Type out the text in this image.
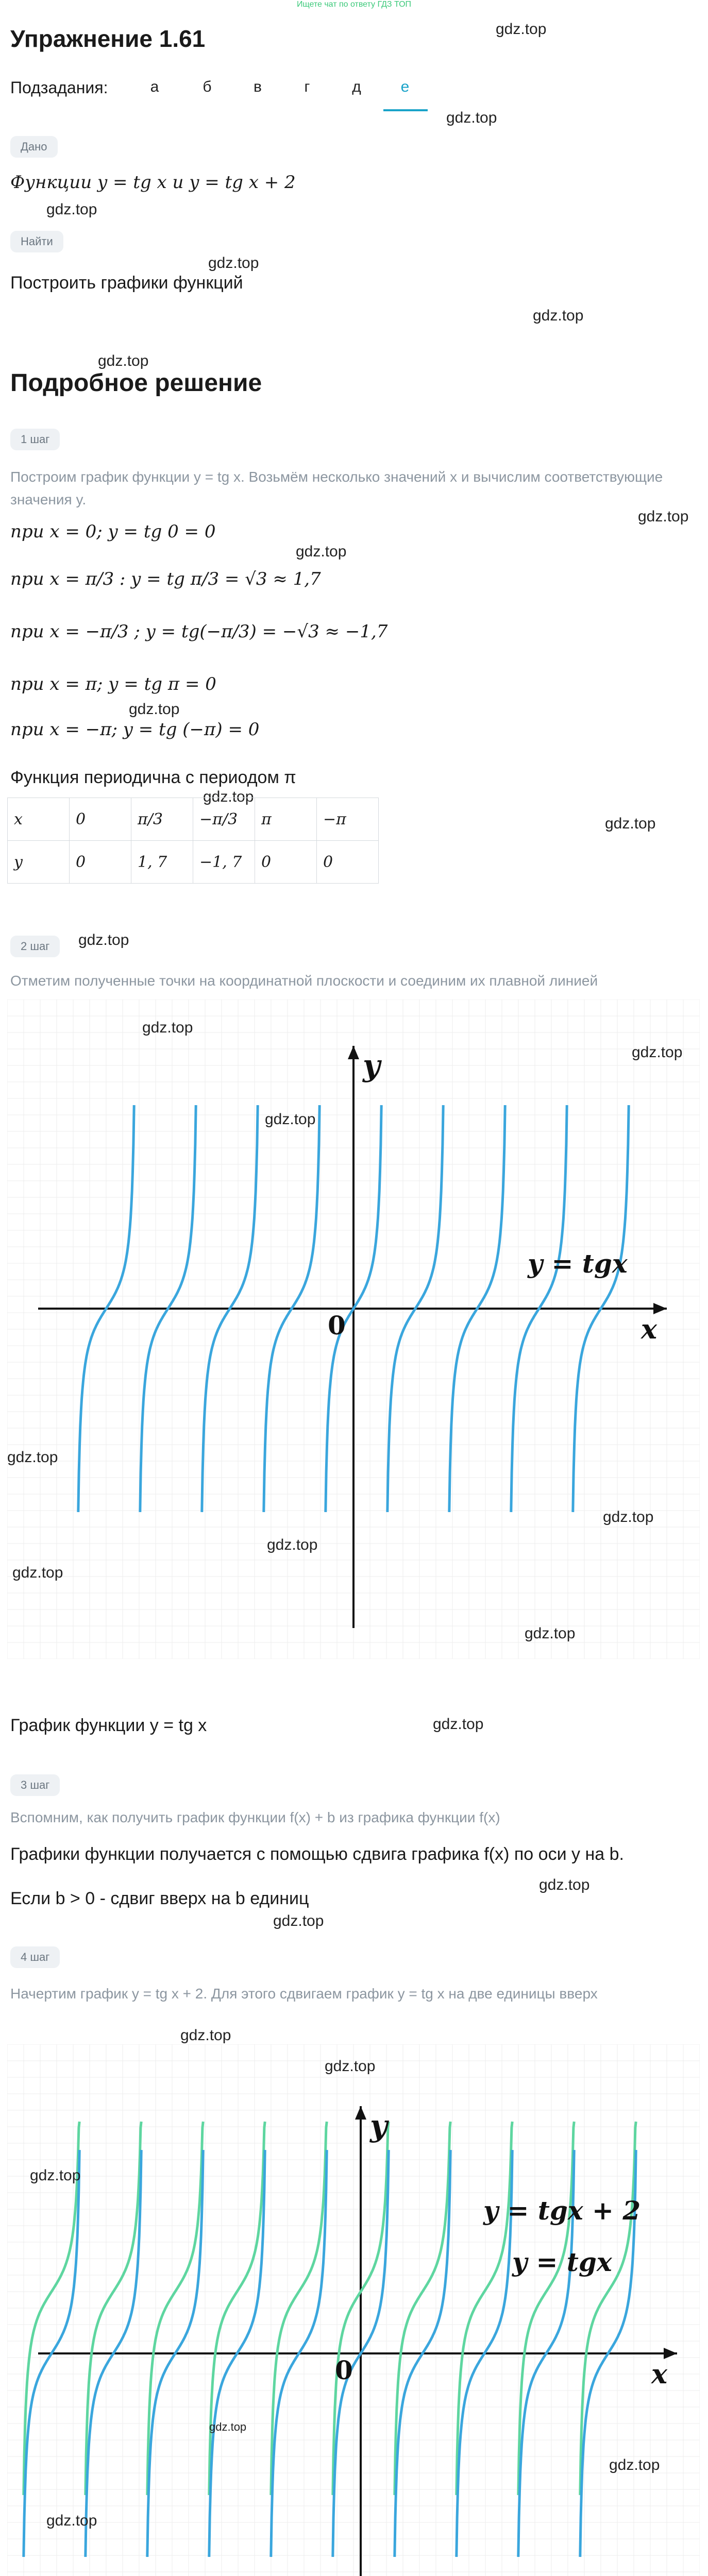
Ищете чат по ответу ГДЗ ТОП
Упражнение 1.61	gdz.top
Подзадания:	а	б	в	г	д	е
gdz.top
Дано
Функции y = tg x и y = tg x + 2
gdz.top
Найти
gdz.top
Построить графики функций
gdz.top
gdz.top
Подробное решение
1 шаг
gdz.top
Построим график функции y = tg x. Возьмём несколько значений x и вычислим соответствующие значения y.
при x = 0; y = tg 0 = 0
gdz.top
при x = π/3 : y = tg π/3 = √3 ≈ 1,7
при x = −π/3 ; y = tg(−π/3) = −√3 ≈ −1,7
при x = π; y = tg π = 0
gdz.top
при x = −π; y = tg (−π) = 0
Функция периодична с периодом π
gdz.top
gdz.top
x	0	π/3	−π/3	π	−π
y	0	1, 7	−1, 7	0	0
2 шаг	gdz.top
Отметим полученные точки на координатной плоскости и соединим их плавной линией
y
x
0
y = tgx
gdz.top
gdz.top
gdz.top
gdz.top
gdz.top
gdz.top
gdz.top
gdz.top
График функции y = tg x	gdz.top
3 шаг
Вспомним, как получить график функции f(x) + b из графика функции f(x)
Графики функции получается с помощью сдвига графика f(x) по оси y на b.
gdz.top
Если b > 0 - сдвиг вверх на b единиц
gdz.top
4 шаг
Начертим график y = tg x + 2. Для этого сдвигаем график y = tg x на две единицы вверх
gdz.top
y
x
0
y = tgx
y = tgx + 2
gdz.top
gdz.top
gdz.top
gdz.top
gdz.top
